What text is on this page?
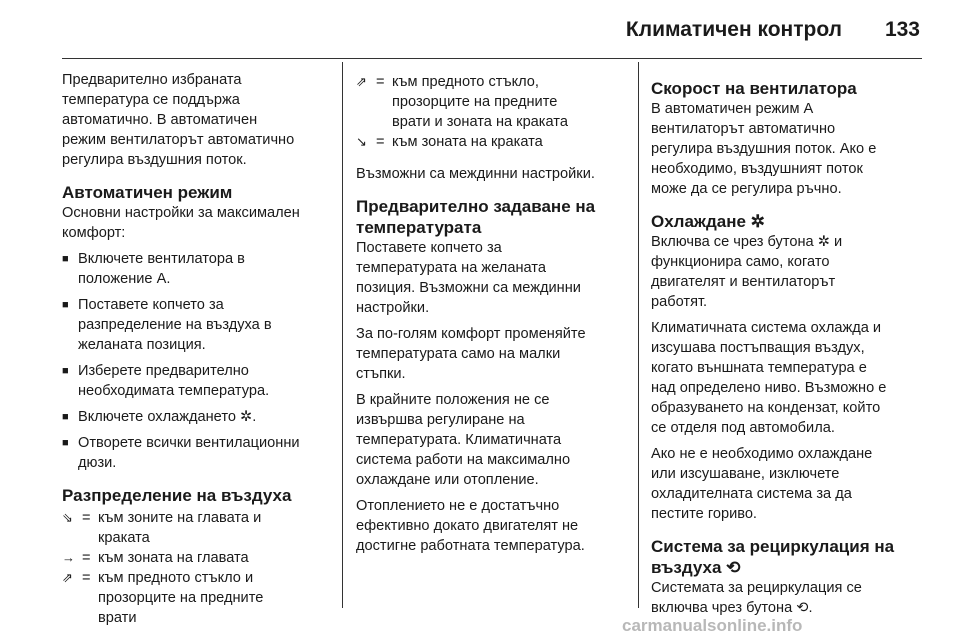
Климатичен контрол 133

Предварително избраната
температура се поддържа
автоматично. В автоматичен
режим вентилаторът автоматично
регулира въздушния поток.

Автоматичен режим

Основни настройки за максимален
комфорт:

■ Включете вентилатора в
положение A.
■ Поставете копчето за
разпределение на въздуха в
желаната позиция.
■ Изберете предварително
необходимата температура.
■ Включете охлаждането ✲.
■ Отворете всички вентилационни
дюзи.
Разпределение на въздуха
⇘ = към зоните на главата и
краката
→ = към зоната на главата
⇗ = към предното стъкло и
прозорците на предните
врати
⇗ = към предното стъкло,
прозорците на предните
врати и зоната на краката
↘ = към зоната на краката

Възможни са междинни настройки.

Предварително задаване на
температурата

Поставете копчето за
температурата на желаната
позиция. Възможни са междинни
настройки.

За по-голям комфорт променяйте
температурата само на малки
стъпки.

В крайните положения не се
извършва регулиране на
температурата. Климатичната
система работи на максимално
охлаждане или отопление.

Отоплението не е достатъчно
ефективно докато двигателят не
достигне работната температура.

Скорост на вентилатора

В автоматичен режим A
вентилаторът автоматично
регулира въздушния поток. Ако е
необходимо, въздушният поток
може да се регулира ръчно.

Охлаждане ✲

Включва се чрез бутона ✲ и
функционира само, когато
двигателят и вентилаторът
работят.

Климатичната система охлажда и
изсушава постъпващия въздух,
когато външната температура е
над определено ниво. Възможно е
образуването на кондензат, който
се отделя под автомобила.

Ако не е необходимо охлаждане
или изсушаване, изключете
охладителната система за да
пестите гориво.

Система за рециркулация на
въздуха ⟲

Системата за рециркулация се
включва чрез бутона ⟲.

carmanualsonline.info
